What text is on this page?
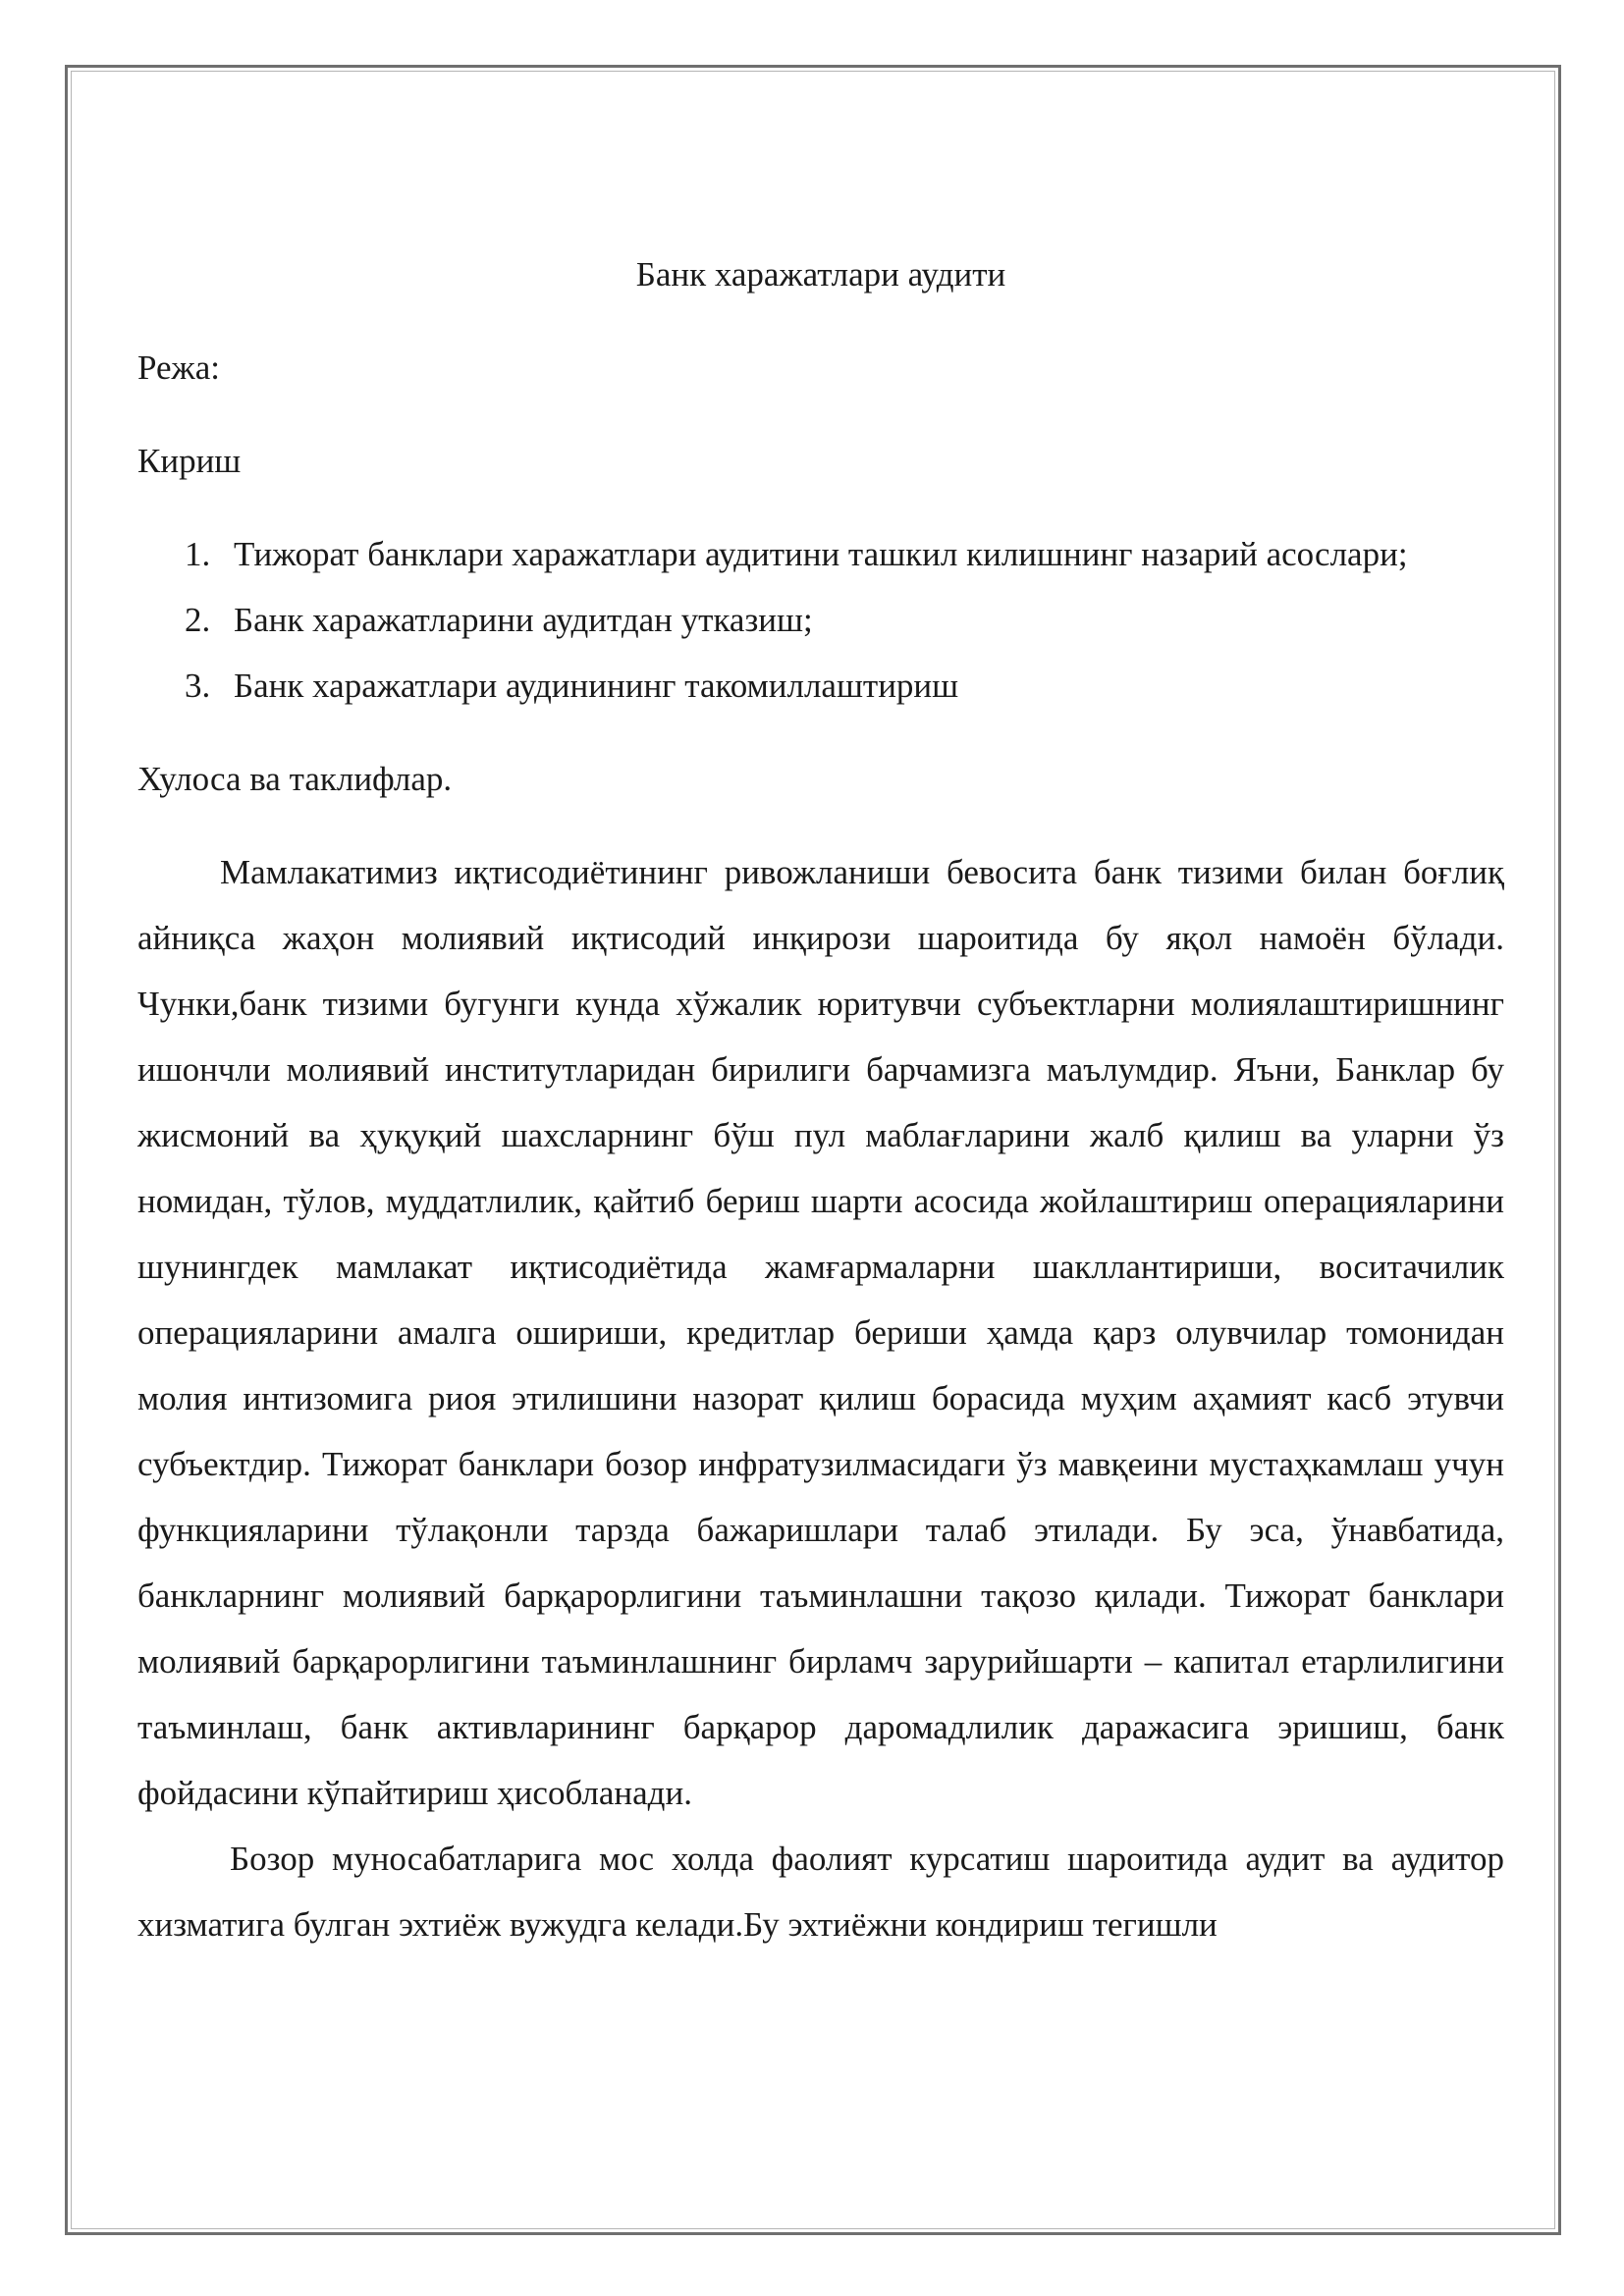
Банк харажатлари аудити

Режа:

Кириш

1. Тижорат банклари харажатлари аудитини ташкил килишнинг назарий асослари;
2. Банк харажатларини аудитдан утказиш;
3. Банк харажатлари аудинининг такомиллаштириш

Хулоса ва таклифлар.

Мамлакатимиз иқтисодиётининг ривожланиши бевосита банк тизими билан боғлиқ айниқса жаҳон молиявий иқтисодий инқирози шароитида бу яқол намоён бўлади. Чунки,банк тизими бугунги кунда хўжалик юритувчи субъектларни молиялаштиришнинг ишончли молиявий институтларидан бирилиги барчамизга маълумдир. Яъни, Банклар бу жисмоний ва ҳуқуқий шахсларнинг бўш пул маблағларини жалб қилиш ва уларни ўз номидан, тўлов, муддатлилик, қайтиб бериш шарти асосида жойлаштириш операцияларини шунингдек мамлакат иқтисодиётида жамғармаларни шакллантириши, воситачилик операцияларини амалга ошириши, кредитлар бериши ҳамда қарз олувчилар томонидан молия интизомига риоя этилишини назорат қилиш борасида муҳим аҳамият касб этувчи субъектдир. Тижорат банклари бозор инфратузилмасидаги ўз мавқеини мустаҳкамлаш учун функцияларини тўлақонли тарзда бажаришлари талаб этилади. Бу эса, ўнавбатида, банкларнинг молиявий барқарорлигини таъминлашни тақозо қилади. Тижорат банклари молиявий барқарорлигини таъминлашнинг бирламч зарурийшарти – капитал етарлилигини таъминлаш, банк активларининг барқарор даромадлилик даражасига эришиш, банк фойдасини кўпайтириш ҳисобланади.

Бозор муносабатларига мос холда фаолият курсатиш шароитида аудит ва аудитор хизматига булган эхтиёж вужудга келади.Бу эхтиёжни кондириш тегишли
